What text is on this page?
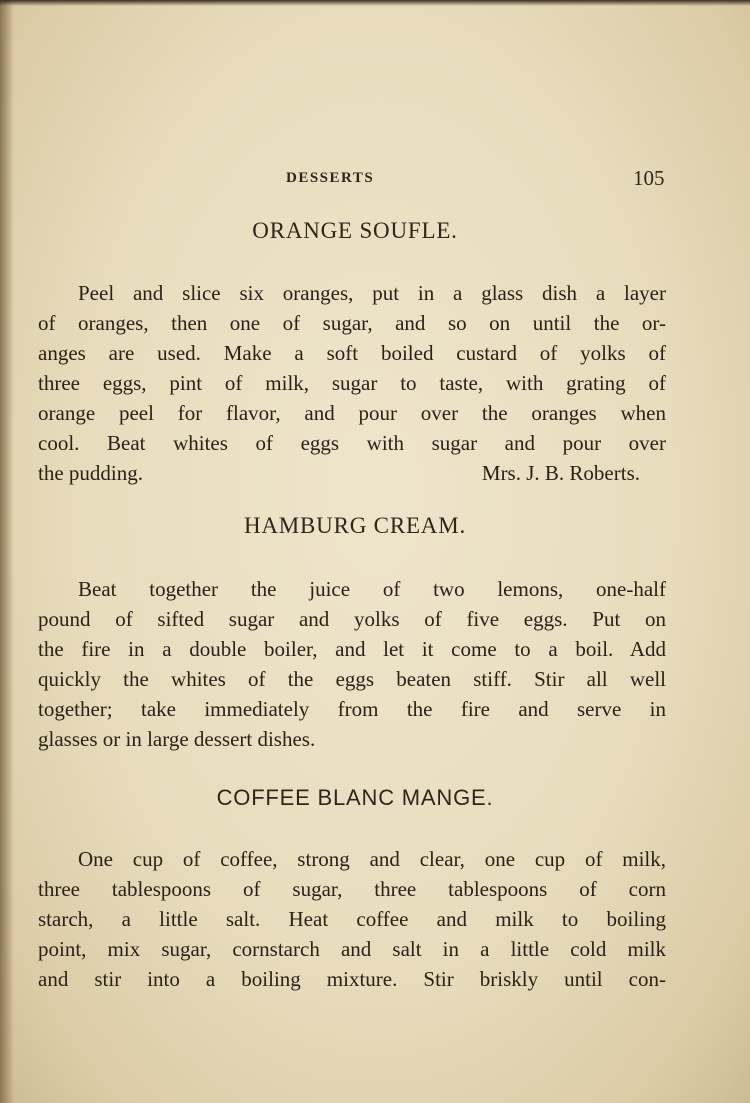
DESSERTS	105
ORANGE SOUFLE.
Peel and slice six oranges, put in a glass dish a layer
of oranges, then one of sugar, and so on until the or-
anges are used. Make a soft boiled custard of yolks of
three eggs, pint of milk, sugar to taste, with grating of
orange peel for flavor, and pour over the oranges when
cool. Beat whites of eggs with sugar and pour over
the pudding.	Mrs. J. B. Roberts.
HAMBURG CREAM.
Beat together the juice of two lemons, one-half
pound of sifted sugar and yolks of five eggs. Put on
the fire in a double boiler, and let it come to a boil. Add
quickly the whites of the eggs beaten stiff. Stir all well
together; take immediately from the fire and serve in
glasses or in large dessert dishes.
COFFEE BLANC MANGE.
One cup of coffee, strong and clear, one cup of milk,
three tablespoons of sugar, three tablespoons of corn
starch, a little salt. Heat coffee and milk to boiling
point, mix sugar, cornstarch and salt in a little cold milk
and stir into a boiling mixture. Stir briskly until con-
